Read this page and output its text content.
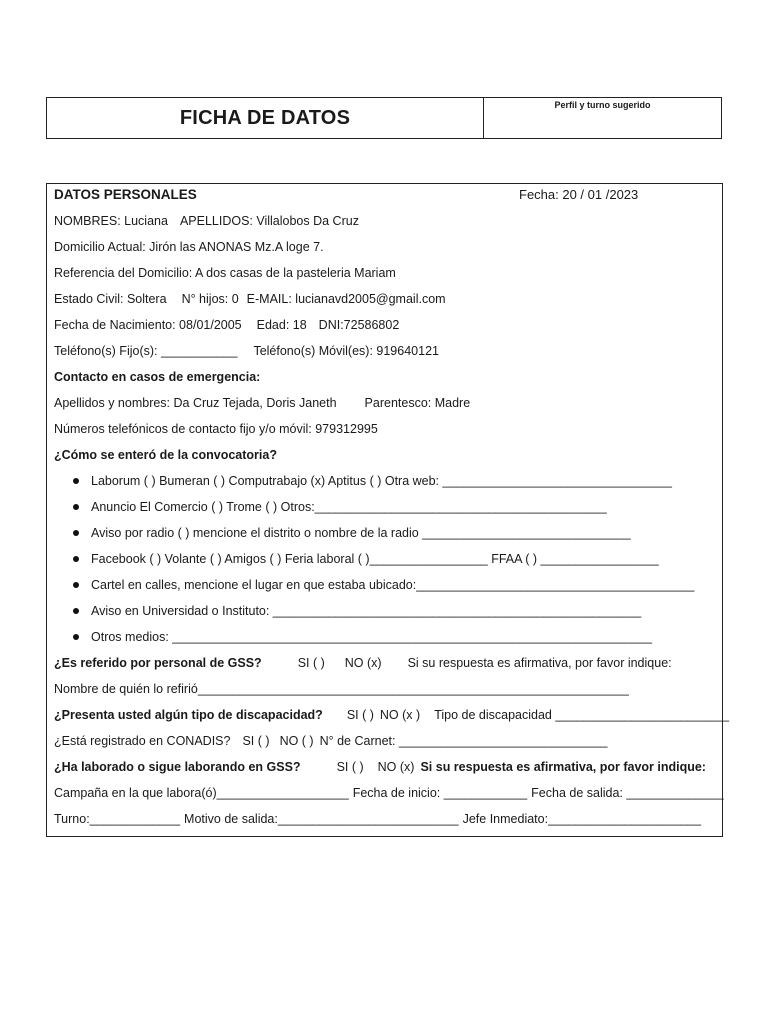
FICHA DE DATOS
Perfil y turno sugerido
DATOS PERSONALES	Fecha: 20 / 01 /2023
NOMBRES: Luciana APELLIDOS: Villalobos Da Cruz
Domicilio Actual: Jirón las ANONAS Mz.A loge 7.
Referencia del Domicilio: A dos casas de la pasteleria Mariam
Estado Civil: Soltera N° hijos: 0 E-MAIL: lucianavd2005@gmail.com
Fecha de Nacimiento: 08/01/2005 Edad: 18 DNI:72586802
Teléfono(s) Fijo(s): ___________ Teléfono(s) Móvil(es): 919640121
Contacto en casos de emergencia:
Apellidos y nombres: Da Cruz Tejada, Doris Janeth Parentesco: Madre
Números telefónicos de contacto fijo y/o móvil: 979312995
¿Cómo se enteró de la convocatoria?
Laborum ( ) Bumeran ( ) Computrabajo (x) Aptitus ( ) Otra web: _________________________________
Anuncio El Comercio ( ) Trome ( ) Otros:__________________________________________
Aviso por radio ( ) mencione el distrito o nombre de la radio ______________________________
Facebook ( ) Volante ( ) Amigos ( ) Feria laboral ( )_________________ FFAA ( ) _________________
Cartel en calles, mencione el lugar en que estaba ubicado:________________________________________
Aviso en Universidad o Instituto: _____________________________________________________
Otros medios: _____________________________________________________________________
¿Es referido por personal de GSS?	SI ( ) NO (x) Si su respuesta es afirmativa, por favor indique:
Nombre de quién lo refirió______________________________________________________________
¿Presenta usted algún tipo de discapacidad? SI ( ) NO (x ) Tipo de discapacidad _________________________
¿Está registrado en CONADIS? SI ( ) NO ( ) N° de Carnet: ______________________________
¿Ha laborado o sigue laborando en GSS?	SI ( ) NO (x) Si su respuesta es afirmativa, por favor indique:
Campaña en la que labora(ó)___________________ Fecha de inicio: ____________ Fecha de salida: ______________
Turno:_____________ Motivo de salida:__________________________ Jefe Inmediato:______________________
